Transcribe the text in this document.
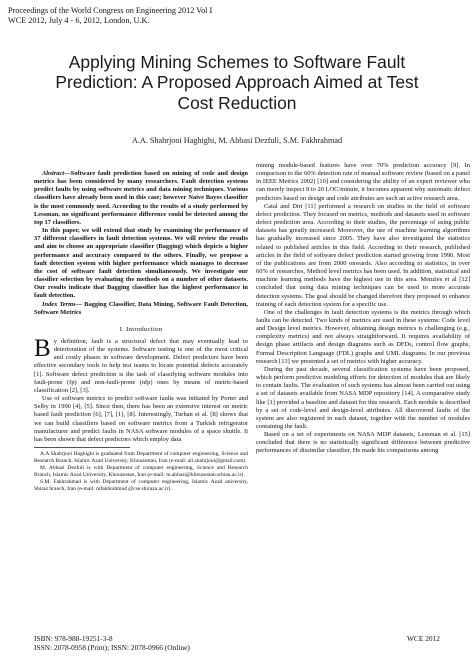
Proceedings of the World Congress on Engineering 2012 Vol I
WCE 2012, July 4 - 6, 2012, London, U.K.
Applying Mining Schemes to Software Fault Prediction: A Proposed Approach Aimed at Test Cost Reduction
A.A. Shahrjooi Haghighi, M. Abbasi Dezfuli, S.M. Fakhrahmad

Abstract—Software fault prediction based on mining of code and design metrics has been considered by many researchers. Fault detection systems predict faults by using software metrics and data mining techniques. Various classifiers have already been used in this case; however Naive Bayes classifier is the most commonly used. According to the results of a study performed by Lessman, no significant performance difference could be detected among the top 17 classifiers.

In this paper, we will extend that study by examining the performance of 37 different classifiers in fault detection systems. We will review the results and aim to choose an appropriate classifier (Bagging) which depicts a higher performance and accuracy compared to the others. Finally, we propose a fault detection system with higher performance which manages to decrease the cost of software fault detection simultaneously. We investigate our classifier selection by evaluating the methods on a number of other datasets. Our results indicate that Bagging classifier has the highest performance in fault detection.

Index Terms— Bagging Classifier, Data Mining, Software Fault Detection, Software Metrics

I. Introduction

By definition, fault is a structural defect that may eventually lead to deterioration of the systems. Software testing is one of the most critical and costly phases in software development. Defect predictors have been effective secondary tools to help test teams to locate potential defects accurately [1]. Software defect prediction is the task of classifying software modules into fault-prone (fp) and non-fault-prone (nfp) ones by means of metric-based classification [2], [3].

Use of software metrics to predict software faults was initiated by Porter and Selby in 1990 [4], [5]. Since then, there has been an extensive interest on metric based fault prediction [6], [7], [1], [8]. Interestingly, Turhan et al. [8] shows that we can build classifiers based on software metrics from a Turkish refrigerator manufacturer and predict faults in NASA software modules of a space shuttle. It has been shown that defect predictors which employ data

A.A Shahrjooi Haghighi is graduated from Department of computer engineering, Science and Research Branch, Islamic Azad University, Khouzestan, Iran (e-mail: ali.shahrjooi@gmail.com).

M. Abbasi Dezfuli is with Department of computer engineering, Science and Research Branch, Islamic Azad University, Khouzestan, Iran (e-mail: m.abbasi@khouzestan.srbiau.ac.ir).

S.M. Fakhrahmad is with Department of computer engineering, Islamic Azad university, Shiraz branch, Iran (e-mail: mfakhrahmad @cse.shirazu.ac.ir).

mining module-based features have over 70% prediction accuracy [9]. In comparison to the 60% detection rate of manual software review (based on a panel in IEEE Metrics 2002) [10] and considering the ability of an expert reviewer who can merely inspect 8 to 20 LOC/minute, it becomes apparent why automatic defect predictors based on design and code attributes are such an active research area.

Catal and Diri [11] performed a research on studies in the field of software defect prediction. They focused on metrics, methods and datasets used in software defect prediction area. According to their studies, the percentage of using public datasets has greatly increased. Moreover, the use of machine learning algorithms has gradually increased since 2005. They have also investigated the statistics related to published articles in this field. According to their research, published articles in the field of software defect prediction started growing from 1990. Most of the publications are from 2000 onwards. Also according to statistics, in over 60% of researches, Method level metrics has been used. In addition, statistical and machine learning methods have the highest use in this area. Menzies et al [12] concluded that using data mining techniques can be used to more accurate detection systems. The goal should be changed therefore they proposed to enhance training of each detection system for a specific use.

One of the challenges in fault detection systems is the metrics through which faults can be detected. Two kinds of metrics are used in these systems: Code level and Design level metrics. However, obtaining design metrics is challenging (e.g., complexity metrics) and not always straightforward. It requires availability of design phase artifacts and design diagrams such as DFDs, control flow graphs, Formal Description Language (FDL) graphs and UML diagrams. In our previous research [13] we presented a set of metrics with higher accuracy.

During the past decade, several classification systems have been proposed, which perform predictive modeling efforts for detection of modules that are likely to contain faults. The evaluation of such systems has almost been carried out using a set of datasets available from NASA MDP repository [14]. A comparative study like [1] provided a baseline and dataset for this research. Each module is described by a set of code-level and design-level attributes. All discovered faults of the system are also registered in each dataset, together with the number of modules containing the fault.

Based on a set of experiments on NASA MDP datasets, Lessman et al. [15] concluded that there is no statistically significant difference between predictive performances of dissimilar classifier. He made his comparisons among

ISBN: 978-988-19251-3-8
ISSN: 2078-0958 (Print); ISSN: 2078-0966 (Online)
WCE 2012
